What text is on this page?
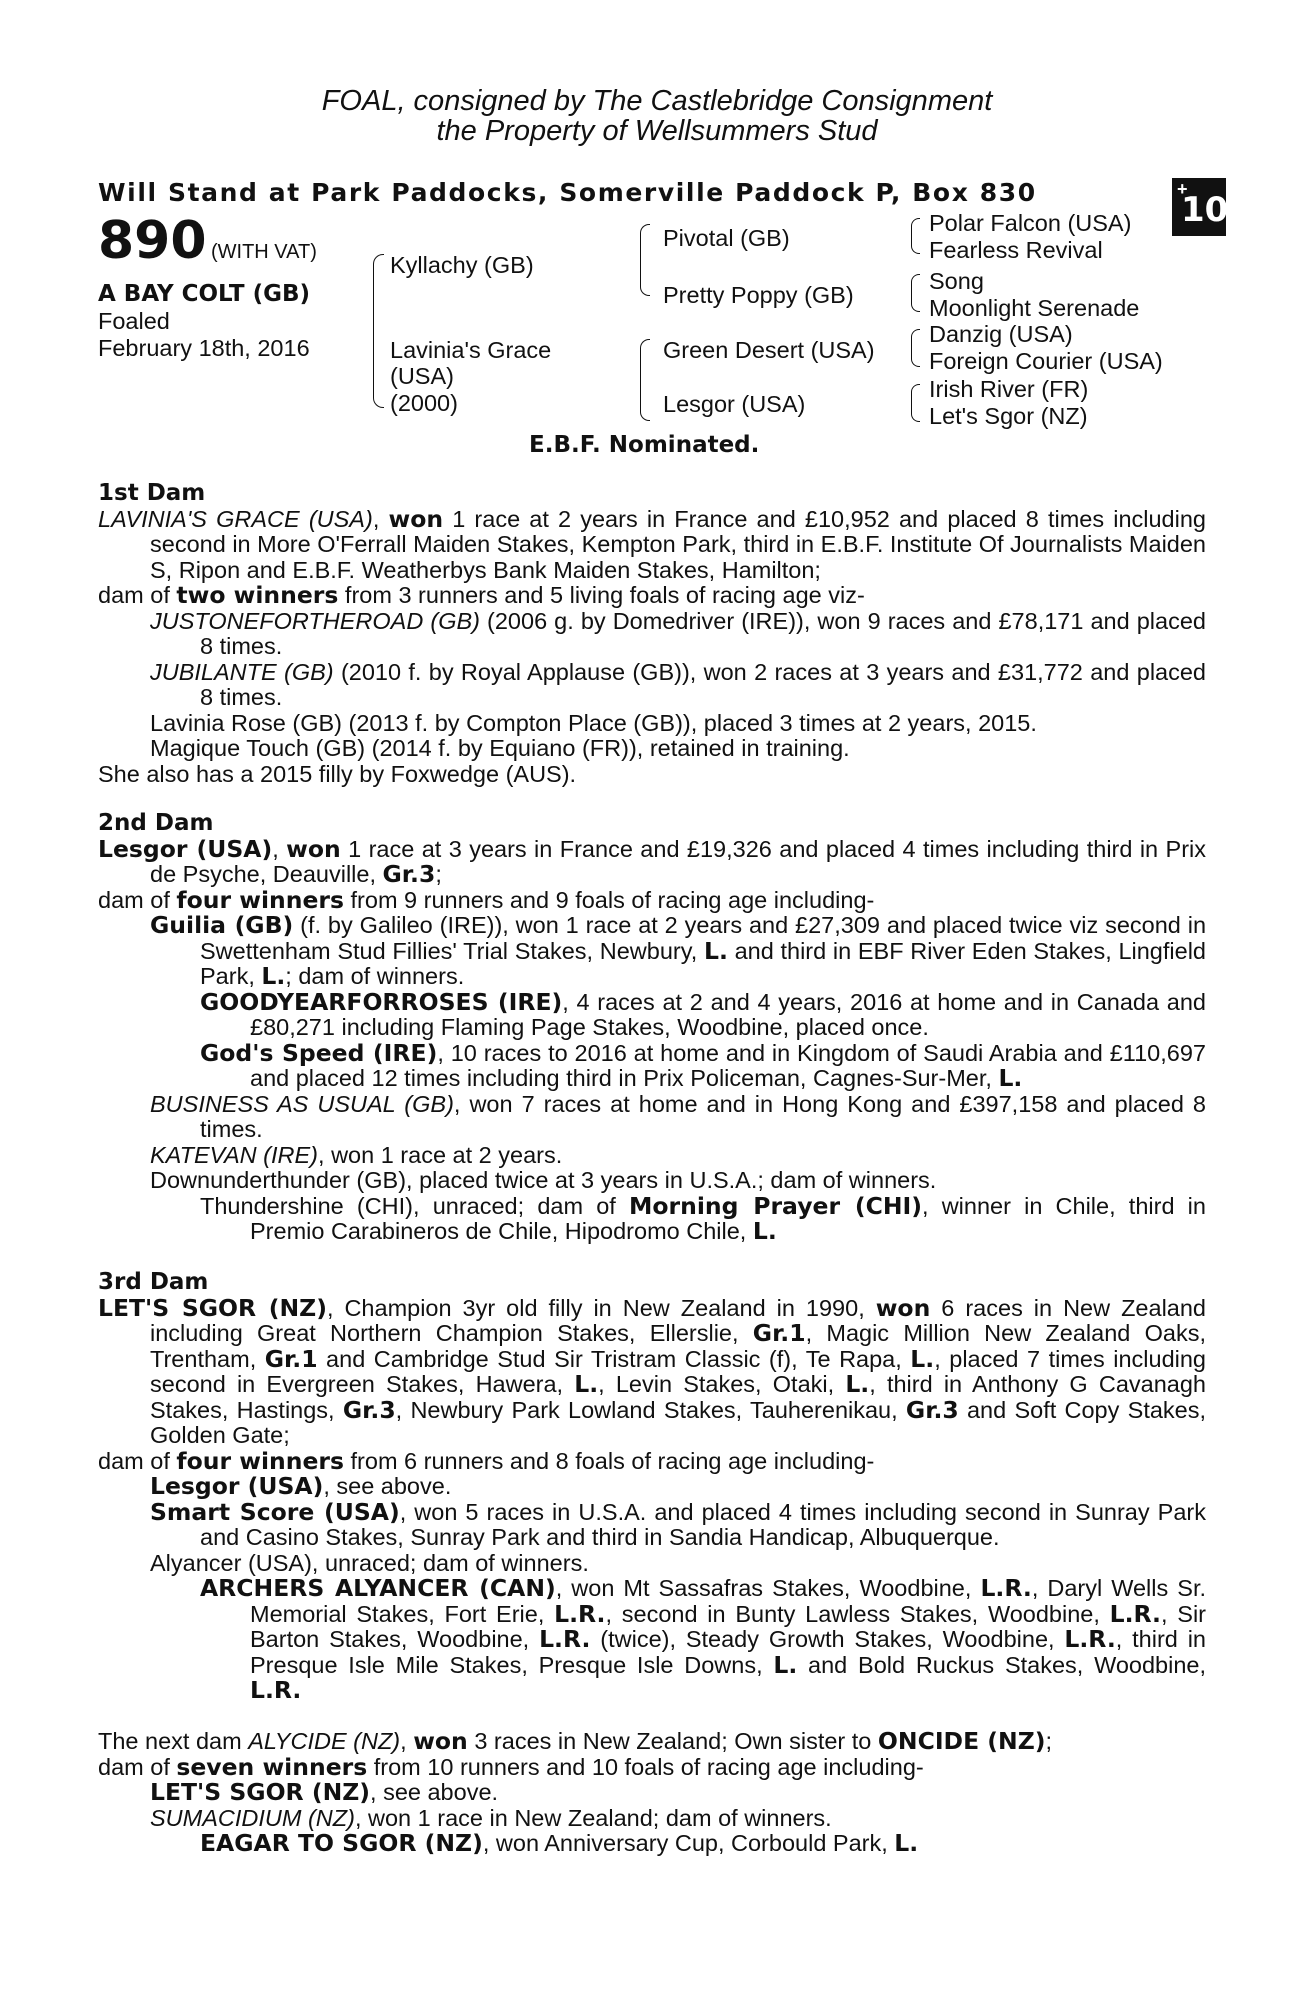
FOAL, consigned by The Castlebridge Consignment
the Property of Wellsummers Stud
Will Stand at Park Paddocks, Somerville Paddock P, Box 830	+
10
890 (WITH VAT)
A BAY COLT (GB)
Foaled
February 18th, 2016
Kyllachy (GB)
Lavinia's Grace
(USA)
(2000)
Pivotal (GB)
Pretty Poppy (GB)
Green Desert (USA)
Lesgor (USA)
Polar Falcon (USA)
Fearless Revival
Song
Moonlight Serenade
Danzig (USA)
Foreign Courier (USA)
Irish River (FR)
Let's Sgor (NZ)
E.B.F. Nominated.

1st Dam

LAVINIA'S GRACE (USA), won 1 race at 2 years in France and £10,952 and placed 8 times including second in More O'Ferrall Maiden Stakes, Kempton Park, third in E.B.F. Institute Of Journalists Maiden S, Ripon and E.B.F. Weatherbys Bank Maiden Stakes, Hamilton;

dam of two winners from 3 runners and 5 living foals of racing age viz-

JUSTONEFORTHEROAD (GB) (2006 g. by Domedriver (IRE)), won 9 races and £78,171 and placed 8 times.

JUBILANTE (GB) (2010 f. by Royal Applause (GB)), won 2 races at 3 years and £31,772 and placed 8 times.

Lavinia Rose (GB) (2013 f. by Compton Place (GB)), placed 3 times at 2 years, 2015.

Magique Touch (GB) (2014 f. by Equiano (FR)), retained in training.

She also has a 2015 filly by Foxwedge (AUS).

2nd Dam

Lesgor (USA), won 1 race at 3 years in France and £19,326 and placed 4 times including third in Prix de Psyche, Deauville, Gr.3;

dam of four winners from 9 runners and 9 foals of racing age including-

Guilia (GB) (f. by Galileo (IRE)), won 1 race at 2 years and £27,309 and placed twice viz second in Swettenham Stud Fillies' Trial Stakes, Newbury, L. and third in EBF River Eden Stakes, Lingfield Park, L.; dam of winners.

GOODYEARFORROSES (IRE), 4 races at 2 and 4 years, 2016 at home and in Canada and £80,271 including Flaming Page Stakes, Woodbine, placed once.

God's Speed (IRE), 10 races to 2016 at home and in Kingdom of Saudi Arabia and £110,697 and placed 12 times including third in Prix Policeman, Cagnes-Sur-Mer, L.

BUSINESS AS USUAL (GB), won 7 races at home and in Hong Kong and £397,158 and placed 8 times.

KATEVAN (IRE), won 1 race at 2 years.

Downunderthunder (GB), placed twice at 3 years in U.S.A.; dam of winners.

Thundershine (CHI), unraced; dam of Morning Prayer (CHI), winner in Chile, third in Premio Carabineros de Chile, Hipodromo Chile, L.

3rd Dam

LET'S SGOR (NZ), Champion 3yr old filly in New Zealand in 1990, won 6 races in New Zealand including Great Northern Champion Stakes, Ellerslie, Gr.1, Magic Million New Zealand Oaks, Trentham, Gr.1 and Cambridge Stud Sir Tristram Classic (f), Te Rapa, L., placed 7 times including second in Evergreen Stakes, Hawera, L., Levin Stakes, Otaki, L., third in Anthony G Cavanagh Stakes, Hastings, Gr.3, Newbury Park Lowland Stakes, Tauherenikau, Gr.3 and Soft Copy Stakes, Golden Gate;

dam of four winners from 6 runners and 8 foals of racing age including-

Lesgor (USA), see above.

Smart Score (USA), won 5 races in U.S.A. and placed 4 times including second in Sunray Park and Casino Stakes, Sunray Park and third in Sandia Handicap, Albuquerque.

Alyancer (USA), unraced; dam of winners.

ARCHERS ALYANCER (CAN), won Mt Sassafras Stakes, Woodbine, L.R., Daryl Wells Sr. Memorial Stakes, Fort Erie, L.R., second in Bunty Lawless Stakes, Woodbine, L.R., Sir Barton Stakes, Woodbine, L.R. (twice), Steady Growth Stakes, Woodbine, L.R., third in Presque Isle Mile Stakes, Presque Isle Downs, L. and Bold Ruckus Stakes, Woodbine, L.R.

The next dam ALYCIDE (NZ), won 3 races in New Zealand; Own sister to ONCIDE (NZ);

dam of seven winners from 10 runners and 10 foals of racing age including-

LET'S SGOR (NZ), see above.

SUMACIDIUM (NZ), won 1 race in New Zealand; dam of winners.

EAGAR TO SGOR (NZ), won Anniversary Cup, Corbould Park, L.
